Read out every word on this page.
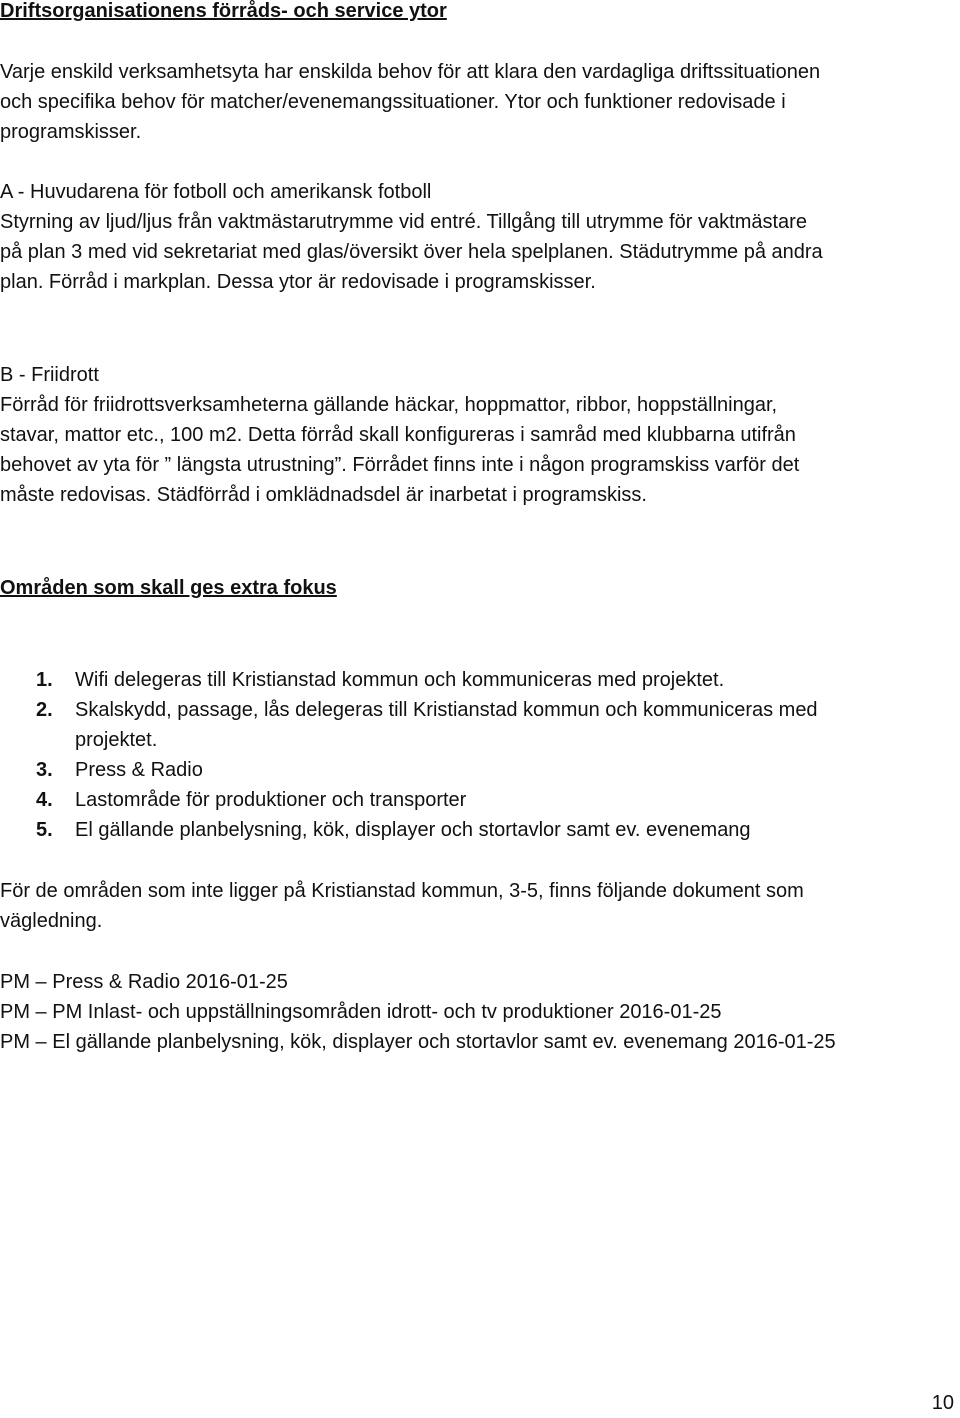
Driftsorganisationens förråds- och service ytor
Varje enskild verksamhetsyta har enskilda behov för att klara den vardagliga driftssituationen
och specifika behov för matcher/evenemangssituationer. Ytor och funktioner redovisade i
programskisser.
A - Huvudarena för fotboll och amerikansk fotboll
Styrning av ljud/ljus från vaktmästarutrymme vid entré. Tillgång till utrymme för vaktmästare
på plan 3 med vid sekretariat med glas/översikt över hela spelplanen. Städutrymme på andra
plan. Förråd i markplan. Dessa ytor är redovisade i programskisser.
B - Friidrott
Förråd för friidrottsverksamheterna gällande häckar, hoppmattor, ribbor, hoppställningar,
stavar, mattor etc., 100 m2. Detta förråd skall konfigureras i samråd med klubbarna utifrån
behovet av yta för ” längsta utrustning”. Förrådet finns inte i någon programskiss varför det
måste redovisas. Städförråd i omklädnadsdel är inarbetat i programskiss.
Områden som skall ges extra fokus
1. Wifi delegeras till Kristianstad kommun och kommuniceras med projektet.
2. Skalskydd, passage, lås delegeras till Kristianstad kommun och kommuniceras med
projektet.
3. Press & Radio
4. Lastområde för produktioner och transporter
5. El gällande planbelysning, kök, displayer och stortavlor samt ev. evenemang
För de områden som inte ligger på Kristianstad kommun, 3-5, finns följande dokument som
vägledning.
PM – Press & Radio 2016-01-25
PM – PM Inlast- och uppställningsområden idrott- och tv produktioner 2016-01-25
PM – El gällande planbelysning, kök, displayer och stortavlor samt ev. evenemang 2016-01-25
10
